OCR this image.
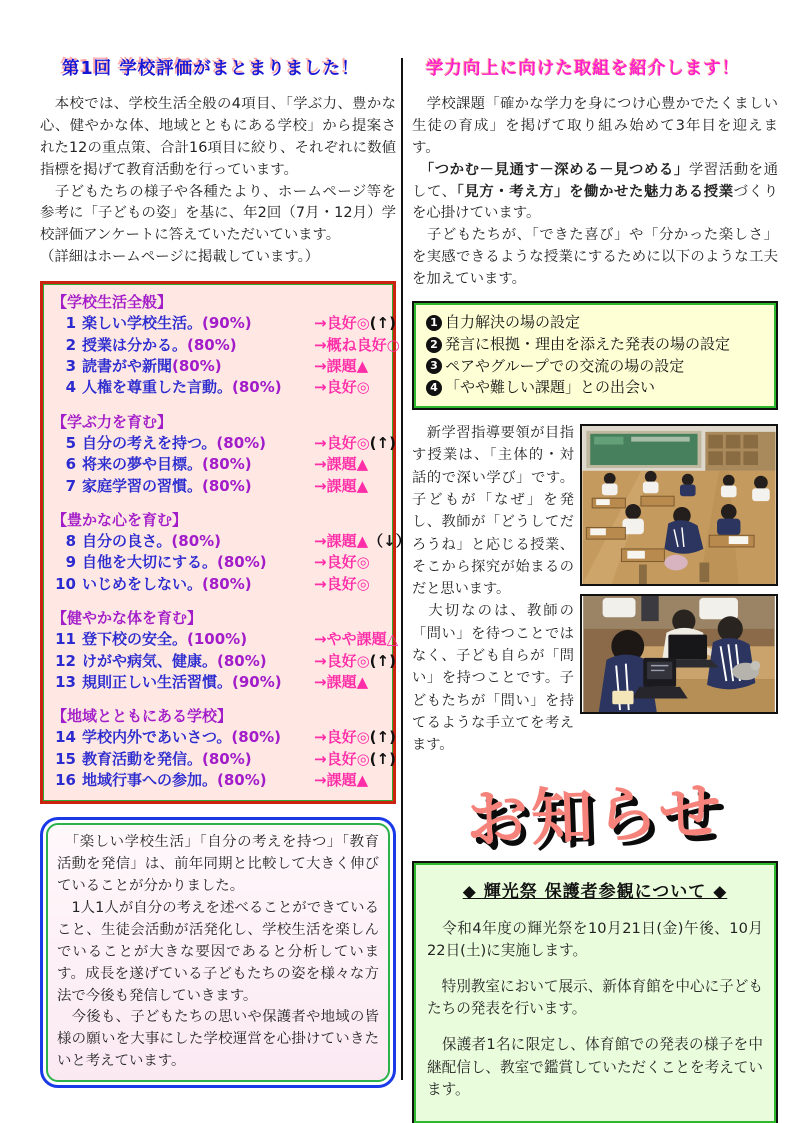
第1回 学校評価がまとまりました！

　本校では、学校生活全般の4項目、「学ぶ力、豊かな心、健やかな体、地域とともにある学校」から提案された12の重点策、合計16項目に絞り、それぞれに数値指標を掲げて教育活動を行っています。

　子どもたちの様子や各種たより、ホームページ等を参考に「子どもの姿」を基に、年2回（7月・12月）学校評価アンケートに答えていただいています。

（詳細はホームページに掲載しています。）

【学校生活全般】
1 楽しい学校生活。(90%)	→良好◎ (↑)
2 授業は分かる。(80%)	→概ね良好○
3 読書がや新聞(80%)	→課題▲
4 人権を尊重した言動。(80%)	→良好◎
【学ぶ力を育む】
5 自分の考えを持つ。(80%)	→良好◎ (↑)
6 将来の夢や目標。(80%)	→課題▲
7 家庭学習の習慣。(80%)	→課題▲
【豊かな心を育む】
8 自分の良さ。(80%)	→課題▲ （↓）
9 自他を大切にする。(80%)	→良好◎
10 いじめをしない。(80%)	→良好◎
【健やかな体を育む】
11 登下校の安全。(100%)	→やや課題△
12 けがや病気、健康。(80%)	→良好◎ (↑)
13 規則正しい生活習慣。(90%)	→課題▲
【地域とともにある学校】
14 学校内外であいさつ。(80%)	→良好◎ (↑)
15 教育活動を発信。(80%)	→良好◎ (↑)
16 地域行事への参加。(80%)	→課題▲

　「楽しい学校生活」「自分の考えを持つ」「教育活動を発信」は、前年同期と比較して大きく伸びていることが分かりました。

　1人1人が自分の考えを述べることができていること、生徒会活動が活発化し、学校生活を楽しんでいることが大きな要因であると分析しています。成長を遂げている子どもたちの姿を様々な方法で今後も発信していきます。

　今後も、子どもたちの思いや保護者や地域の皆様の願いを大事にした学校運営を心掛けていきたいと考えています。

学力向上に向けた取組を紹介します！

　学校課題「確かな学力を身につけ心豊かでたくましい生徒の育成」を掲げて取り組み始めて3年目を迎えます。

　「つかむ－見通す－深める－見つめる」学習活動を通して、「見方・考え方」を働かせた魅力ある授業づくりを心掛けています。

　子どもたちが、「できた喜び」や「分かった楽しさ」を実感できるような授業にするために以下のような工夫を加えています。

1 自力解決の場の設定
2 発言に根拠・理由を添えた発表の場の設定
3 ペアやグループでの交流の場の設定
4 「やや難しい課題」との出会い

　新学習指導要領が目指す授業は、「主体的・対話的で深い学び」です。子どもが「なぜ」を発し、教師が「どうしてだろうね」と応じる授業、そこから探究が始まるのだと思います。

　大切なのは、教師の「問い」を待つことではなく、子ども自らが「問い」を持つことです。子どもたちが「問い」を持てるような手立てを考えます。

お知らせ
◆ 輝光祭 保護者参観について ◆

　令和4年度の輝光祭を10月21日(金)午後、10月22日(土)に実施します。

　特別教室において展示、新体育館を中心に子どもたちの発表を行います。

　保護者1名に限定し、体育館での発表の様子を中継配信し、教室で鑑賞していただくことを考えています。
